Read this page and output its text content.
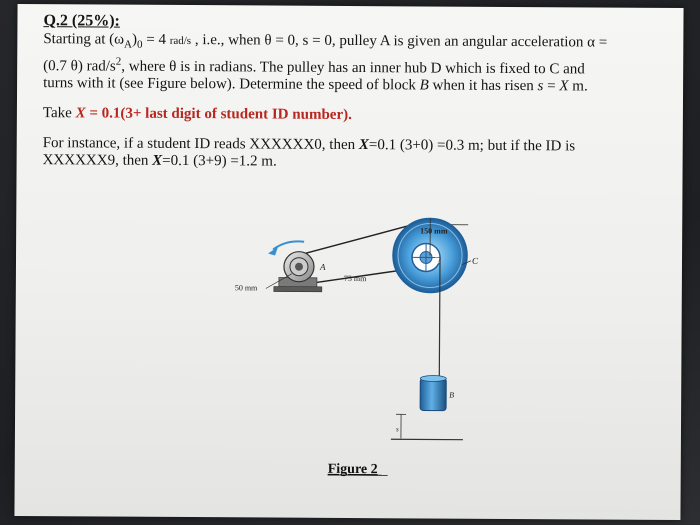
Q.2 (25%):

Starting at $(\omega_A)_0 = 4$ rad/s , i.e., when θ = 0, s = 0, pulley A is given an angular acceleration α =
(0.7 θ) rad/$s^2$, where θ is in radians. The pulley has an inner hub D which is fixed to C and
turns with it (see Figure below). Determine the speed of block B when it has risen s = X m.

Take X = 0.1(3+ last digit of student ID number).

For instance, if a student ID reads XXXXXX0, then X=0.1 (3+0) =0.3 m; but if the ID is
XXXXXX9, then X=0.1 (3+9) =1.2 m.

150 mm
D	C
B
s
A
75 mm
50 mm
Figure 2
